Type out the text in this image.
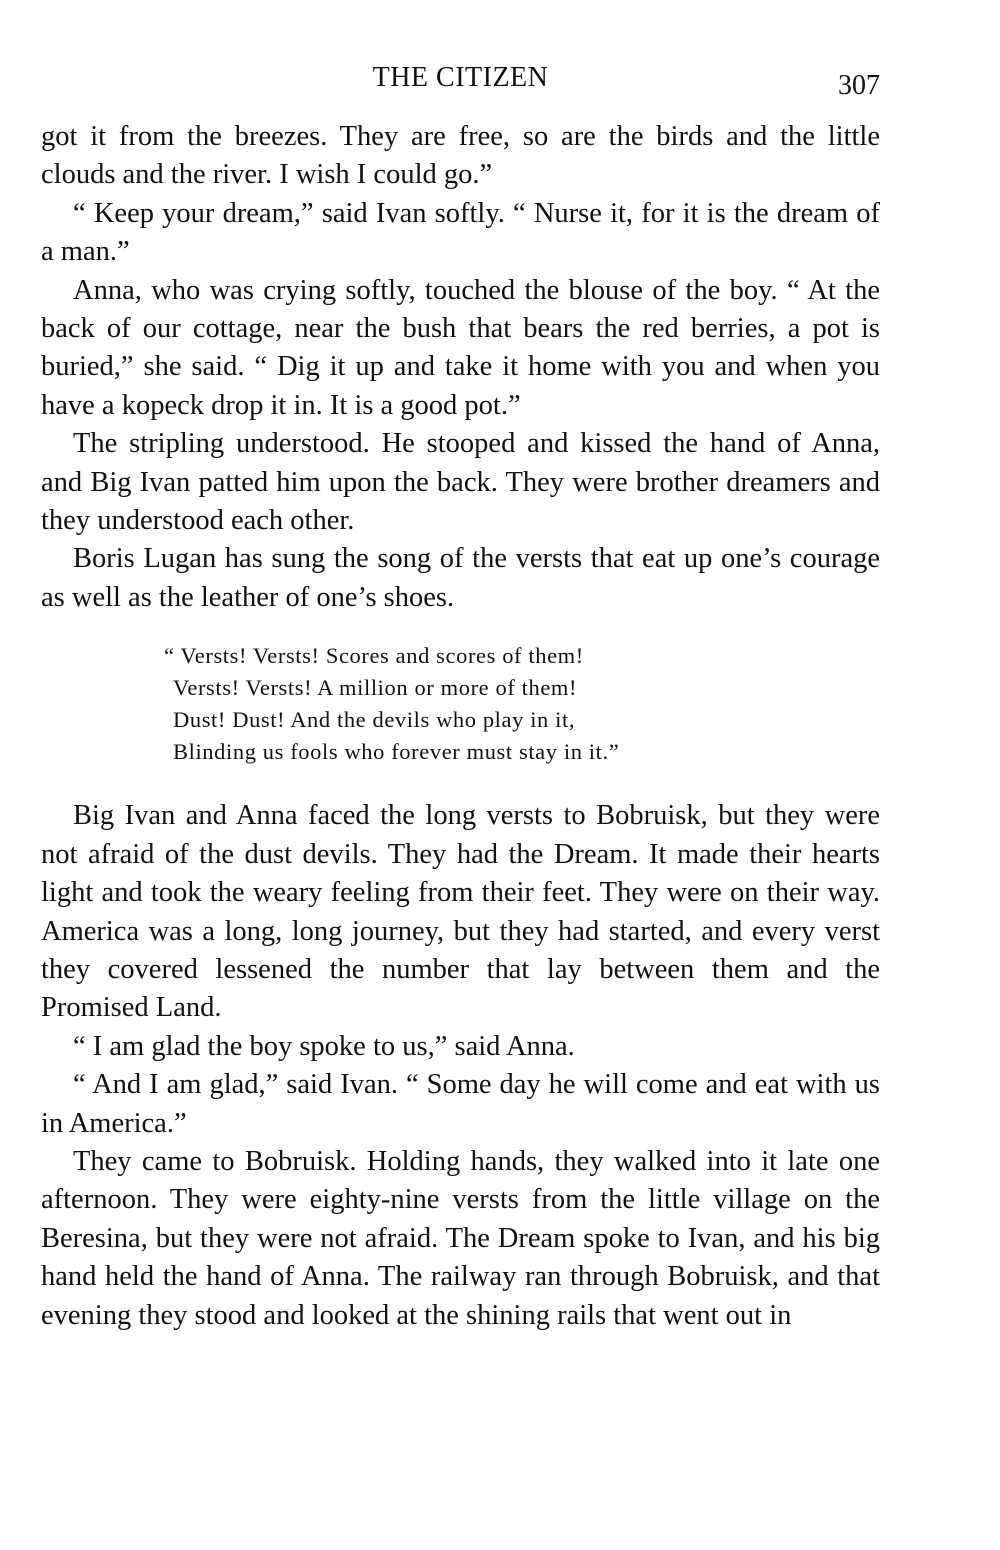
THE CITIZEN	307

got it from the breezes. They are free, so are the birds and the little clouds and the river. I wish I could go.”

“ Keep your dream,” said Ivan softly. “ Nurse it, for it is the dream of a man.”

Anna, who was crying softly, touched the blouse of the boy. “ At the back of our cottage, near the bush that bears the red berries, a pot is buried,” she said. “ Dig it up and take it home with you and when you have a kopeck drop it in. It is a good pot.”

The stripling understood. He stooped and kissed the hand of Anna, and Big Ivan patted him upon the back. They were brother dreamers and they understood each other.

Boris Lugan has sung the song of the versts that eat up one’s courage as well as the leather of one’s shoes.

“ Versts! Versts! Scores and scores of them!
Versts! Versts! A million or more of them!
Dust! Dust! And the devils who play in it,
Blinding us fools who forever must stay in it.”

Big Ivan and Anna faced the long versts to Bobruisk, but they were not afraid of the dust devils. They had the Dream. It made their hearts light and took the weary feeling from their feet. They were on their way. America was a long, long journey, but they had started, and every verst they covered lessened the number that lay between them and the Promised Land.

“ I am glad the boy spoke to us,” said Anna.

“ And I am glad,” said Ivan. “ Some day he will come and eat with us in America.”

They came to Bobruisk. Holding hands, they walked into it late one afternoon. They were eighty-nine versts from the little village on the Beresina, but they were not afraid. The Dream spoke to Ivan, and his big hand held the hand of Anna. The railway ran through Bobruisk, and that evening they stood and looked at the shining rails that went out in
